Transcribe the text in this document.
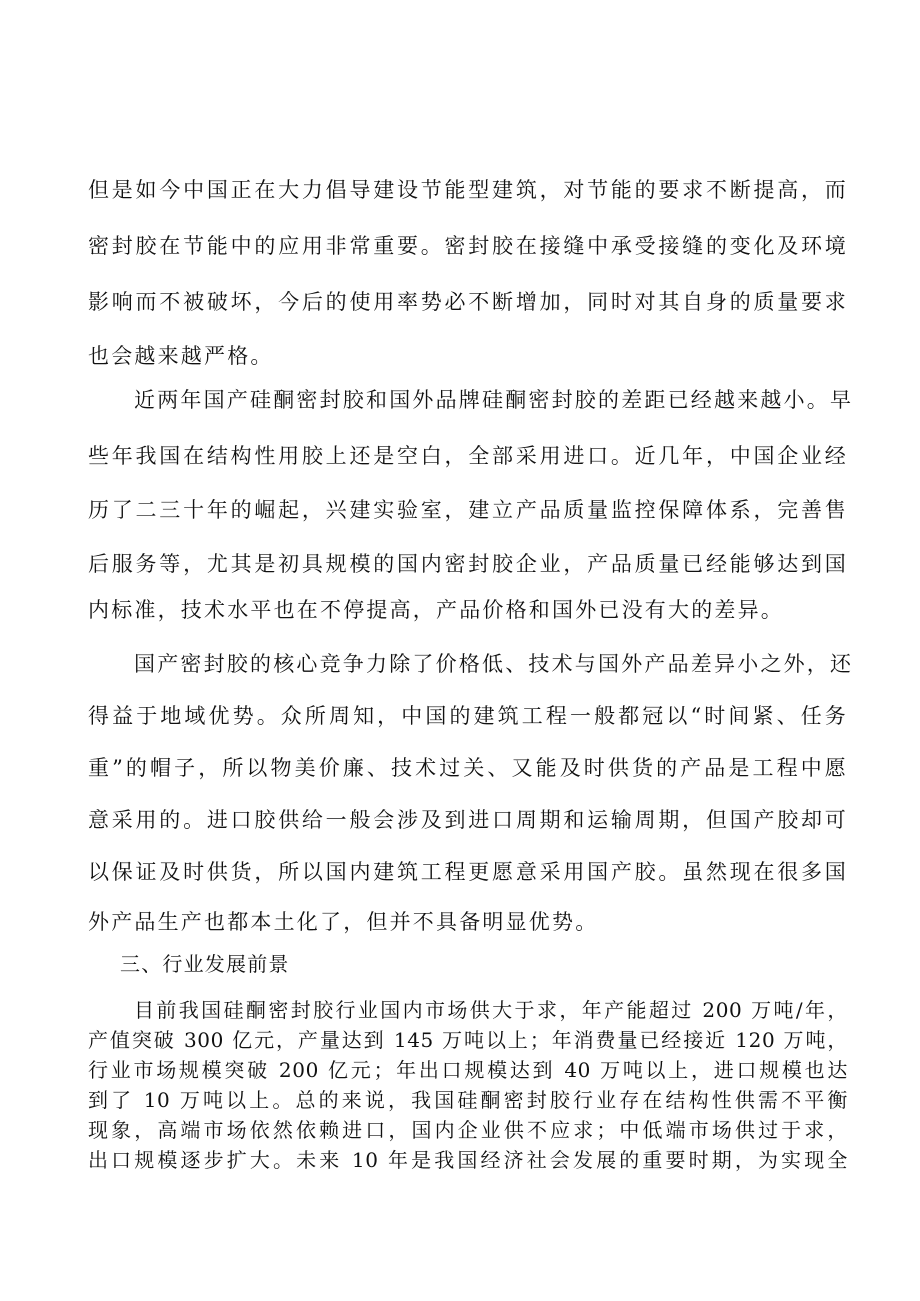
但是如今中国正在大力倡导建设节能型建筑，对节能的要求不断提高，而
密封胶在节能中的应用非常重要。密封胶在接缝中承受接缝的变化及环境
影响而不被破坏，今后的使用率势必不断增加，同时对其自身的质量要求
也会越来越严格。
近两年国产硅酮密封胶和国外品牌硅酮密封胶的差距已经越来越小。早
些年我国在结构性用胶上还是空白，全部采用进口。近几年，中国企业经
历了二三十年的崛起，兴建实验室，建立产品质量监控保障体系，完善售
后服务等，尤其是初具规模的国内密封胶企业，产品质量已经能够达到国
内标准，技术水平也在不停提高，产品价格和国外已没有大的差异。
国产密封胶的核心竞争力除了价格低、技术与国外产品差异小之外，还
得益于地域优势。众所周知，中国的建筑工程一般都冠以“时间紧、任务
重”的帽子，所以物美价廉、技术过关、又能及时供货的产品是工程中愿
意采用的。进口胶供给一般会涉及到进口周期和运输周期，但国产胶却可
以保证及时供货，所以国内建筑工程更愿意采用国产胶。虽然现在很多国
外产品生产也都本土化了，但并不具备明显优势。
三、行业发展前景
目前我国硅酮密封胶行业国内市场供大于求，年产能超过 200 万吨/年，
产值突破 300 亿元，产量达到 145 万吨以上；年消费量已经接近 120 万吨，
行业市场规模突破 200 亿元；年出口规模达到 40 万吨以上，进口规模也达
到了 10 万吨以上。总的来说，我国硅酮密封胶行业存在结构性供需不平衡
现象，高端市场依然依赖进口，国内企业供不应求；中低端市场供过于求，
出口规模逐步扩大。未来 10 年是我国经济社会发展的重要时期，为实现全
